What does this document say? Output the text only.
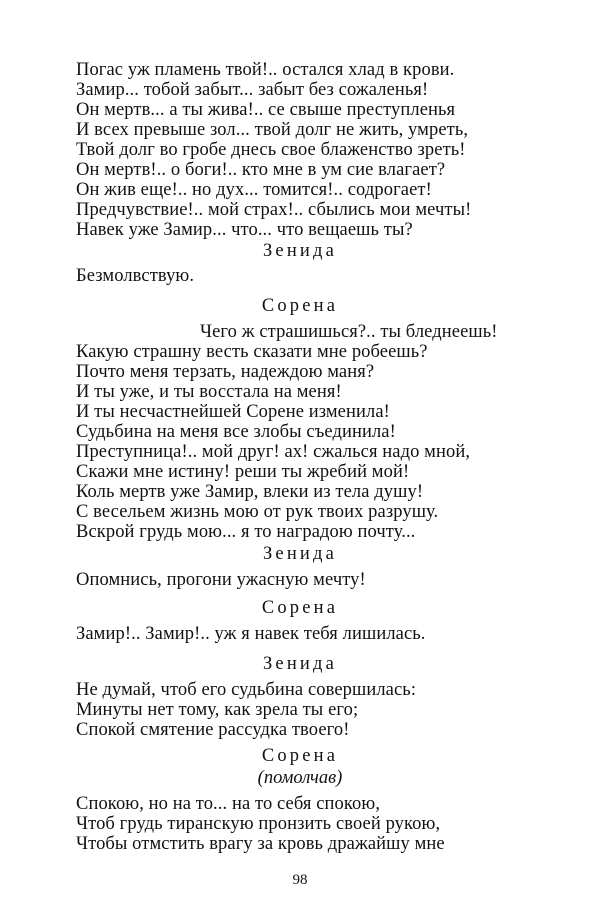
Погас уж пламень твой!.. остался хлад в крови.
Замир... тобой забыт... забыт без сожаленья!
Он мертв... а ты жива!.. се свыше преступленья
И всех превыше зол... твой долг не жить, умреть,
Твой долг во гробе днесь свое блаженство зреть!
Он мертв!.. о боги!.. кто мне в ум сие влагает?
Он жив еще!.. но дух... томится!.. содрогает!
Предчувствие!.. мой страх!.. сбылись мои мечты!
Навек уже Замир... что... что вещаешь ты?
Зенида
Безмолвствую.
Сорена
Чего ж страшишься?.. ты бледнеешь!
Какую страшну весть сказати мне робеешь?
Почто меня терзать, надеждою маня?
И ты уже, и ты восстала на меня!
И ты несчастнейшей Сорене изменила!
Судьбина на меня все злобы съединила!
Преступница!.. мой друг! ах! сжалься надо мной,
Скажи мне истину! реши ты жребий мой!
Коль мертв уже Замир, влеки из тела душу!
С весельем жизнь мою от рук твоих разрушу.
Вскрой грудь мою... я то наградою почту...
Зенида
Опомнись, прогони ужасную мечту!
Сорена
Замир!.. Замир!.. уж я навек тебя лишилась.
Зенида
Не думай, чтоб его судьбина совершилась:
Минуты нет тому, как зрела ты его;
Спокой смятение рассудка твоего!
Сорена
(помолчав)
Спокою, но на то... на то себя спокою,
Чтоб грудь тиранскую пронзить своей рукою,
Чтобы отмстить врагу за кровь дражайшу мне
98
